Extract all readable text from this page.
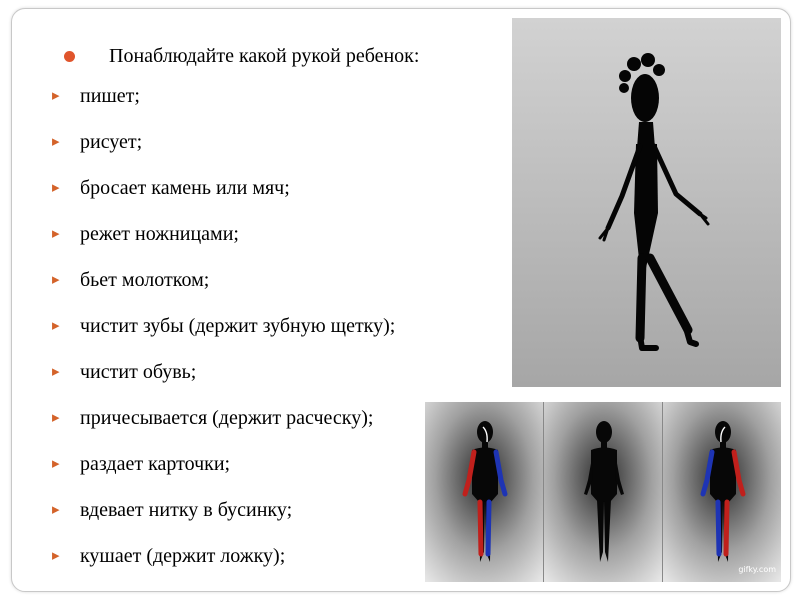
Понаблюдайте какой рукой ребенок:
▸	пишет;
▸	рисует;
▸	бросает камень или мяч;
▸	режет ножницами;
▸	бьет молотком;
▸	чистит зубы (держит зубную щетку);
▸	чистит обувь;
▸	причесывается (держит расческу);
▸	раздает карточки;
▸	вдевает нитку в бусинку;
▸	кушает (держит ложку);
gifky.com
